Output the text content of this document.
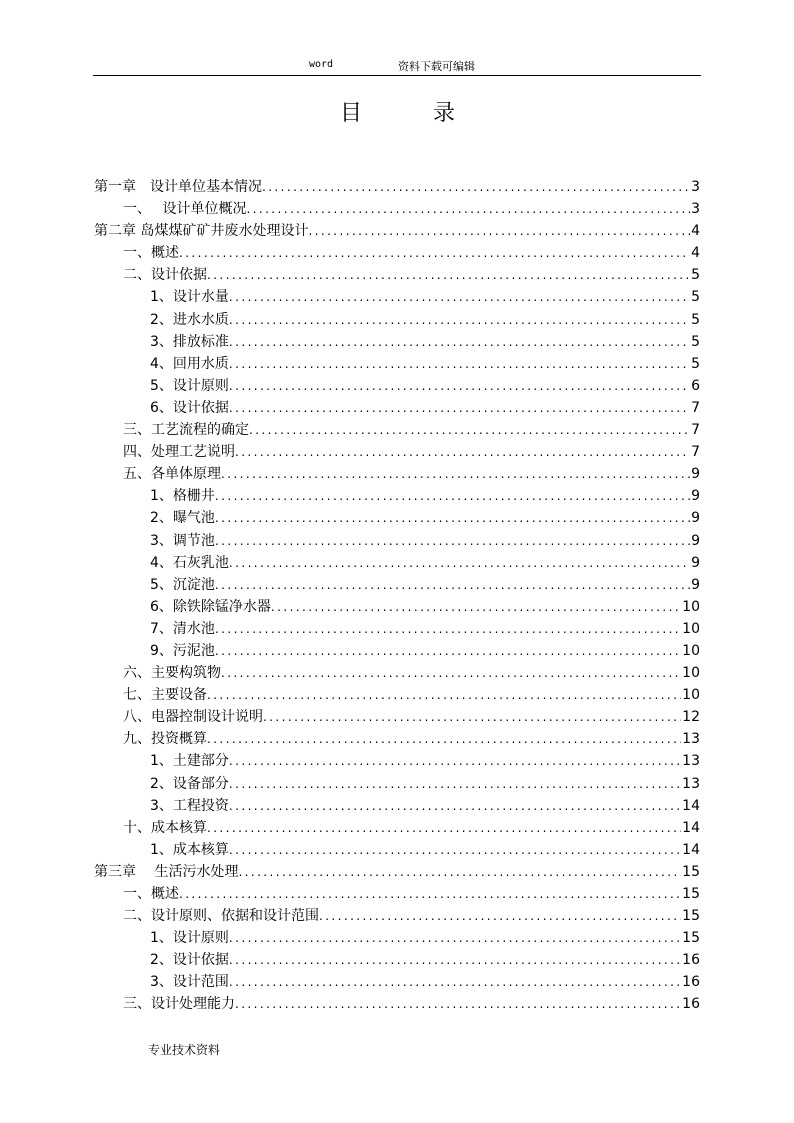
word	资料下载可编辑
目	录
第一章　设计单位基本情况 .....	3
一、　 设计单位概况 .....	3
第二章 岛煤煤矿矿井废水处理设计 .....	4
一、概述 .....	4
二、设计依据 .....	5
1、设计水量 .....	5
2、进水水质 .....	5
3、排放标准 .....	5
4、回用水质 .....	5
5、设计原则 .....	6
6、设计依据 .....	7
三、工艺流程的确定 .....	7
四、处理工艺说明 .....	7
五、各单体原理 .....	9
1、格栅井 .....	9
2、曝气池 .....	9
3、调节池 .....	9
4、石灰乳池 .....	9
5、沉淀池 .....	9
6、除铁除锰净水器 .....	10
7、清水池 .....	10
9、污泥池 .....	10
六、主要构筑物 .....	10
七、主要设备 .....	10
八、电器控制设计说明 .....	12
九、投资概算 .....	13
1、土建部分 .....	13
2、设备部分 .....	13
3、工程投资 .....	14
十、成本核算 .....	14
1、成本核算 .....	14
第三章　 生活污水处理 .....	15
一、概述 .....	15
二、设计原则、依据和设计范围 .....	15
1、设计原则 .....	15
2、设计依据 .....	16
3、设计范围 .....	16
三、设计处理能力 .....	16
专业技术资料
